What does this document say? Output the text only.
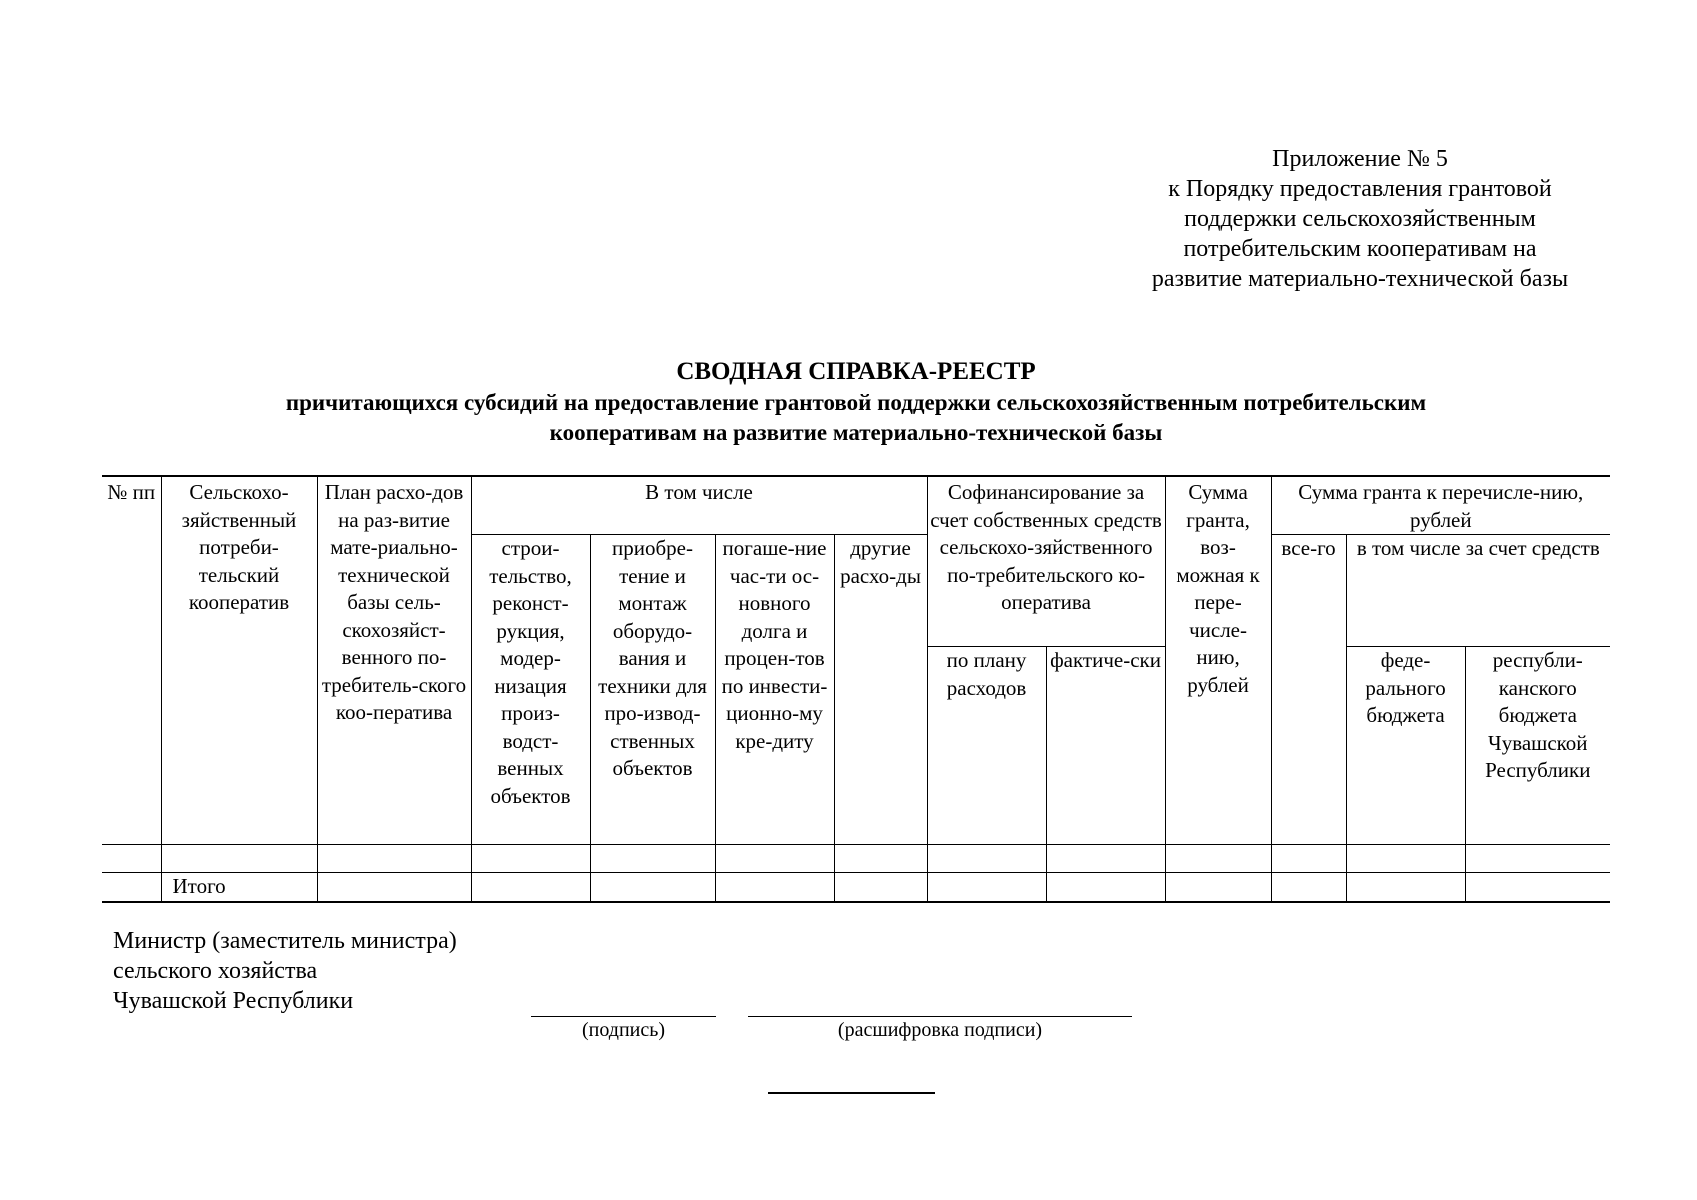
Приложение № 5
к Порядку предоставления грантовой
поддержки сельскохозяйственным
потребительским кооперативам на
развитие материально-технической базы
СВОДНАЯ СПРАВКА-РЕЕСТР
причитающихся субсидий на предоставление грантовой поддержки сельскохозяйственным потребительским
кооперативам на развитие материально-технической базы
№ пп	Сельскохо-зяйственный потреби-тельский кооператив	План расхо-дов на раз-витие мате-риально-технической базы сель-скохозяйст-венного по-требитель-ского коо-ператива	В том числе				Софинансирование за счет собственных средств сельскохо-зяйственного по-требительского ко-оператива		Сумма гранта, воз-можная к пере-числе-нию, рублей	Сумма гранта к перечисле-нию, рублей		
			строи-тельство, реконст-рукция, модер-низация произ-водст-венных объектов	приобре-тение и монтаж оборудо-вания и техники для про-извод-ственных объектов	погаше-ние час-ти ос-новного долга и процен-тов по инвести-ционно-му кре-диту	другие расхо-ды				все-го	в том числе за счет средств	
							по плану расходов	фактиче-ски			феде-рального бюджета	республи-канского бюджета Чувашской Республики

	Итого											
Министр (заместитель министра)
сельского хозяйства
Чувашской Республики
(подпись)	(расшифровка подписи)
